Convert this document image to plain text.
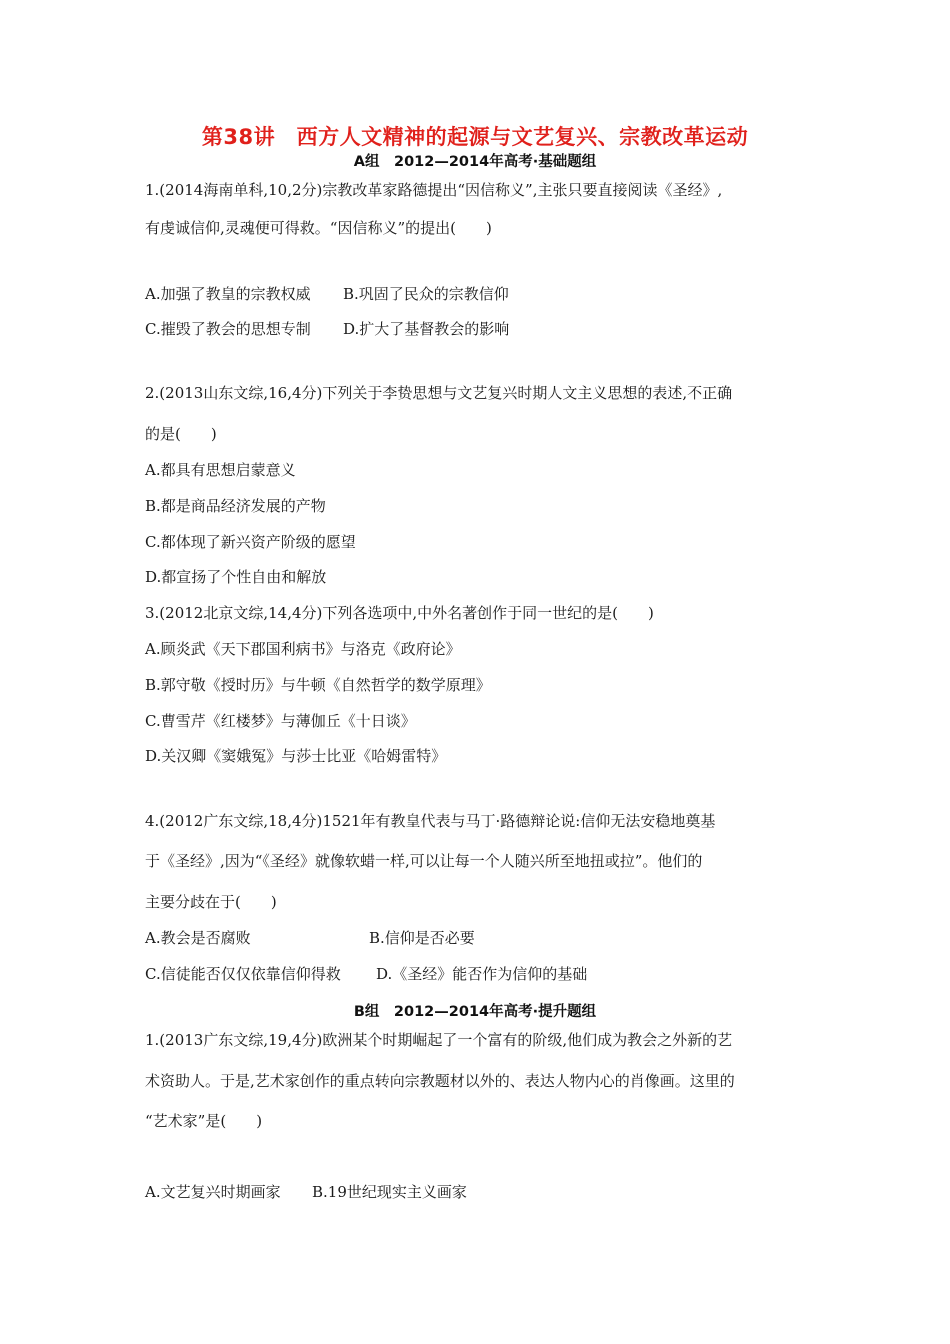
第38讲　西方人文精神的起源与文艺复兴、宗教改革运动
A组　2012—2014年高考·基础题组
1.(2014海南单科,10,2分)宗教改革家路德提出“因信称义”,主张只要直接阅读《圣经》,
有虔诚信仰,灵魂便可得救。“因信称义”的提出(　　)
A.加强了教皇的宗教权威 B.巩固了民众的宗教信仰
C.摧毁了教会的思想专制 D.扩大了基督教会的影响
2.(2013山东文综,16,4分)下列关于李贽思想与文艺复兴时期人文主义思想的表述,不正确
的是(　　)
A.都具有思想启蒙意义
B.都是商品经济发展的产物
C.都体现了新兴资产阶级的愿望
D.都宣扬了个性自由和解放
3.(2012北京文综,14,4分)下列各选项中,中外名著创作于同一世纪的是(　　)
A.顾炎武《天下郡国利病书》与洛克《政府论》
B.郭守敬《授时历》与牛顿《自然哲学的数学原理》
C.曹雪芹《红楼梦》与薄伽丘《十日谈》
D.关汉卿《窦娥冤》与莎士比亚《哈姆雷特》
4.(2012广东文综,18,4分)1521年有教皇代表与马丁·路德辩论说:信仰无法安稳地奠基
于《圣经》,因为“《圣经》就像软蜡一样,可以让每一个人随兴所至地扭或拉”。他们的
主要分歧在于(　　)
A.教会是否腐败	B.信仰是否必要
C.信徒能否仅仅依靠信仰得救 D.《圣经》能否作为信仰的基础
B组　2012—2014年高考·提升题组
1.(2013广东文综,19,4分)欧洲某个时期崛起了一个富有的阶级,他们成为教会之外新的艺
术资助人。于是,艺术家创作的重点转向宗教题材以外的、表达人物内心的肖像画。这里的
“艺术家”是(　　)
A.文艺复兴时期画家 B.19世纪现实主义画家
